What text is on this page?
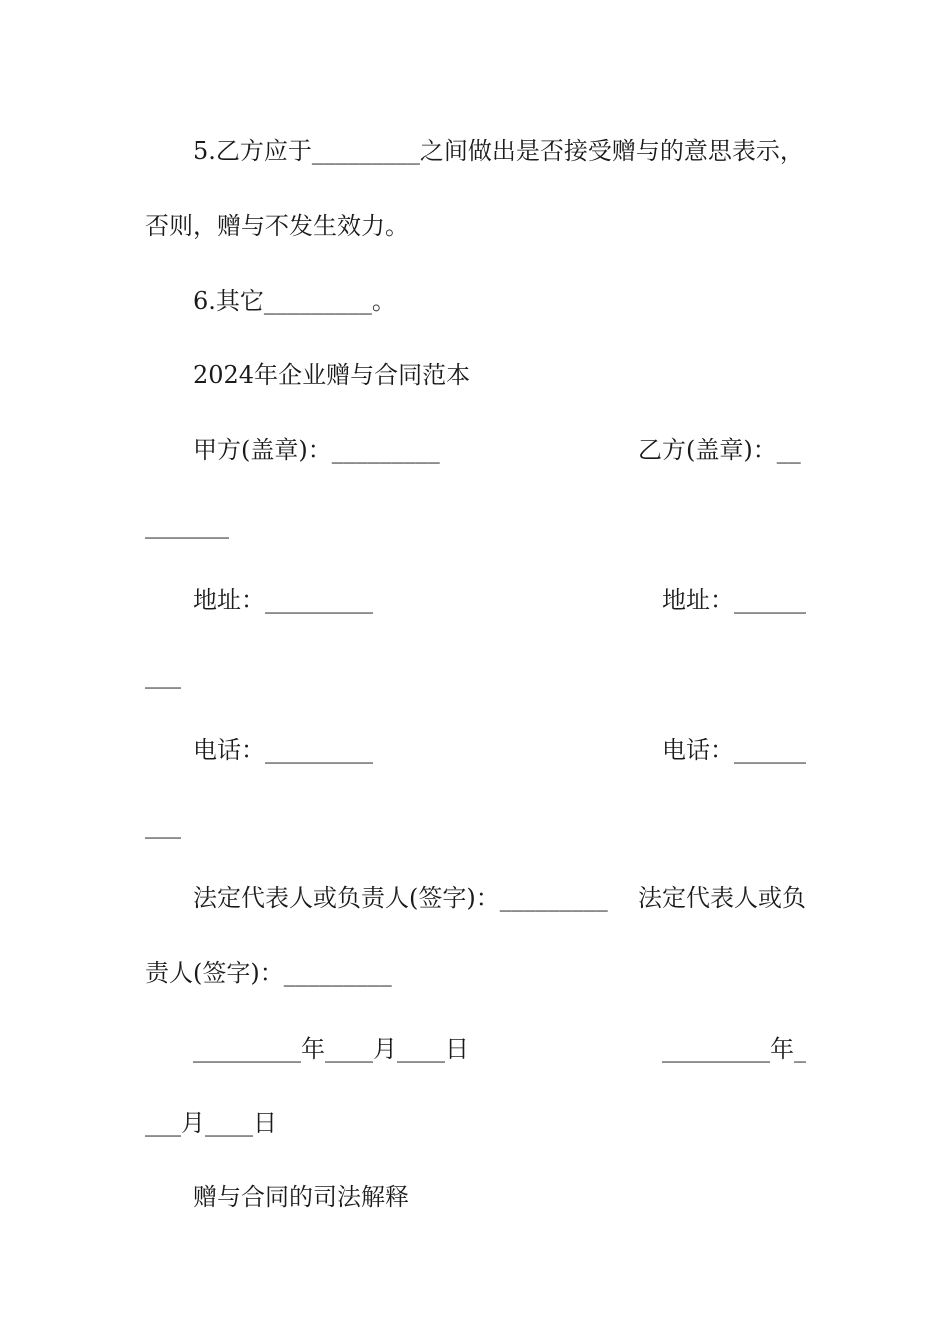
5.乙方应于_________之间做出是否接受赠与的意思表示，
否则，赠与不发生效力。
6.其它_________。
2024年企业赠与合同范本
甲方(盖章)：_________	乙方(盖章)：__
_______
地址：_________	地址：______
___
电话：_________	电话：______
___
法定代表人或负责人(签字)：_________ 法定代表人或负
责人(签字)：_________
_________年____月____日	_________年_
___月____日
赠与合同的司法解释
